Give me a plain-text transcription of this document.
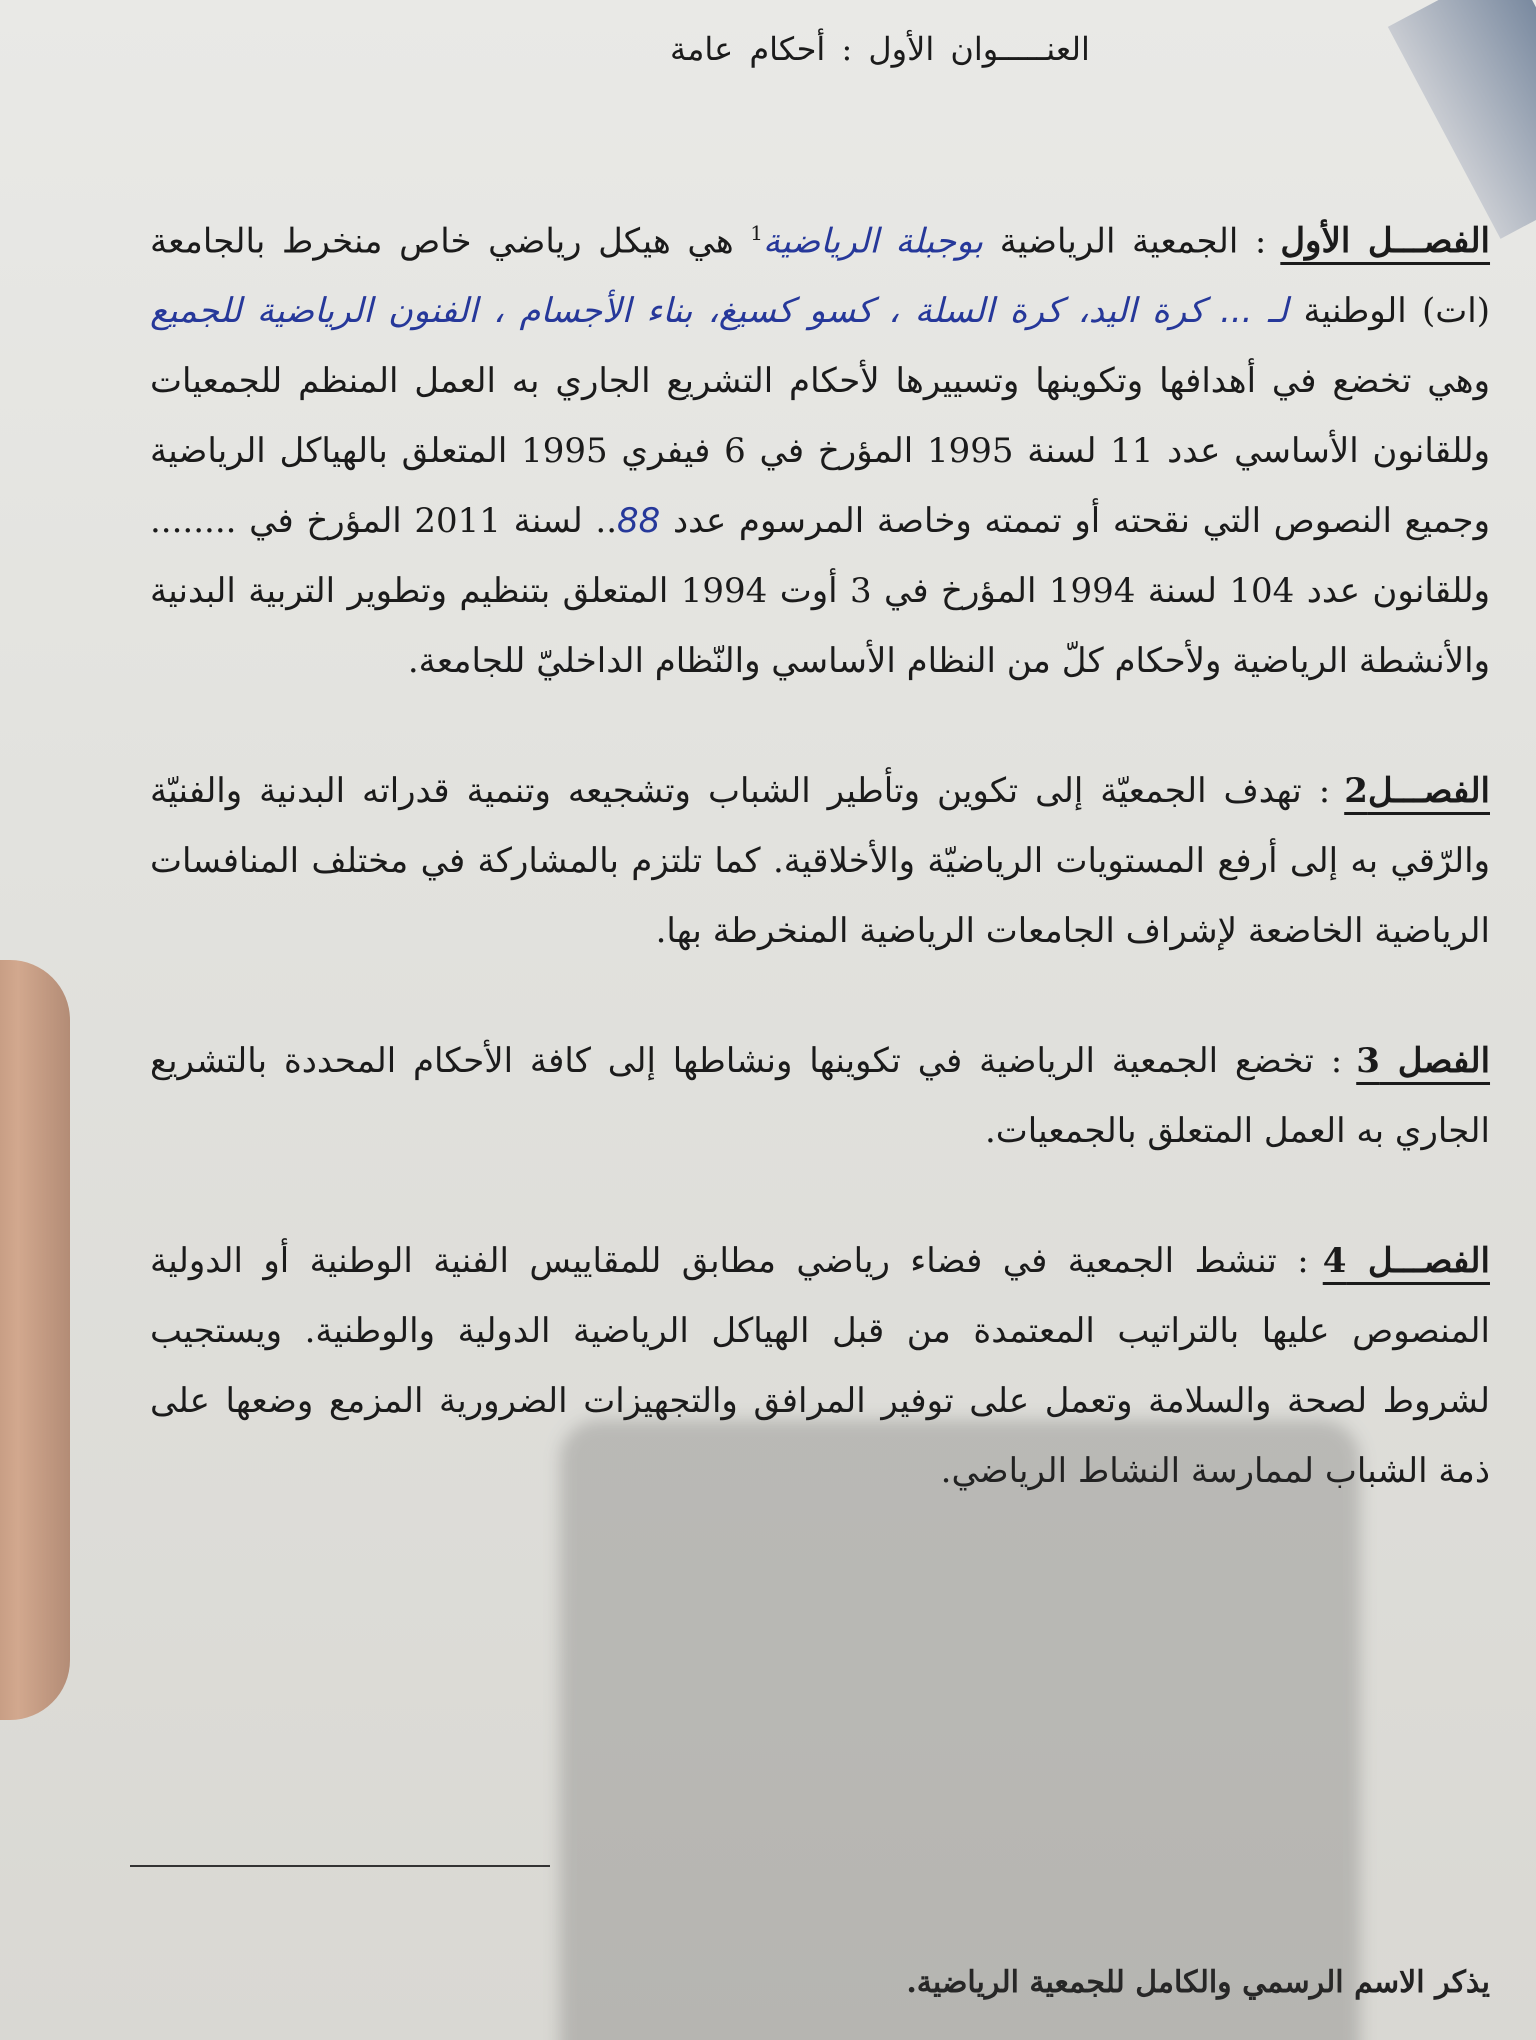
العنـــــوان الأول : أحكام عامة

الفصـــل الأول: الجمعية الرياضية بوجبلة الرياضية$^1$ هي هيكل رياضي خاص منخرط بالجامعة (ات) الوطنية لـ ... كرة اليد، كرة السلة ، كسو كسيغ، بناء الأجسام ، الفنون الرياضية للجميع وهي تخضع في أهدافها وتكوينها وتسييرها لأحكام التشريع الجاري به العمل المنظم للجمعيات وللقانون الأساسي عدد 11 لسنة 1995 المؤرخ في 6 فيفري 1995 المتعلق بالهياكل الرياضية وجميع النصوص التي نقحته أو تممته وخاصة المرسوم عدد 88.. لسنة 2011 المؤرخ في ........ وللقانون عدد 104 لسنة 1994 المؤرخ في 3 أوت 1994 المتعلق بتنظيم وتطوير التربية البدنية والأنشطة الرياضية ولأحكام كلّ من النظام الأساسي والنّظام الداخليّ للجامعة.

الفصـــل2: تهدف الجمعيّة إلى تكوين وتأطير الشباب وتشجيعه وتنمية قدراته البدنية والفنيّة والرّقي به إلى أرفع المستويات الرياضيّة والأخلاقية. كما تلتزم بالمشاركة في مختلف المنافسات الرياضية الخاضعة لإشراف الجامعات الرياضية المنخرطة بها.

الفصل 3: تخضع الجمعية الرياضية في تكوينها ونشاطها إلى كافة الأحكام المحددة بالتشريع الجاري به العمل المتعلق بالجمعيات.

الفصـــل 4: تنشط الجمعية في فضاء رياضي مطابق للمقاييس الفنية الوطنية أو الدولية المنصوص عليها بالتراتيب المعتمدة من قبل الهياكل الرياضية الدولية والوطنية. ويستجيب لشروط لصحة والسلامة وتعمل على توفير المرافق والتجهيزات الضرورية المزمع وضعها على ذمة الشباب لممارسة النشاط الرياضي.

يذكر الاسم الرسمي والكامل للجمعية الرياضية.
